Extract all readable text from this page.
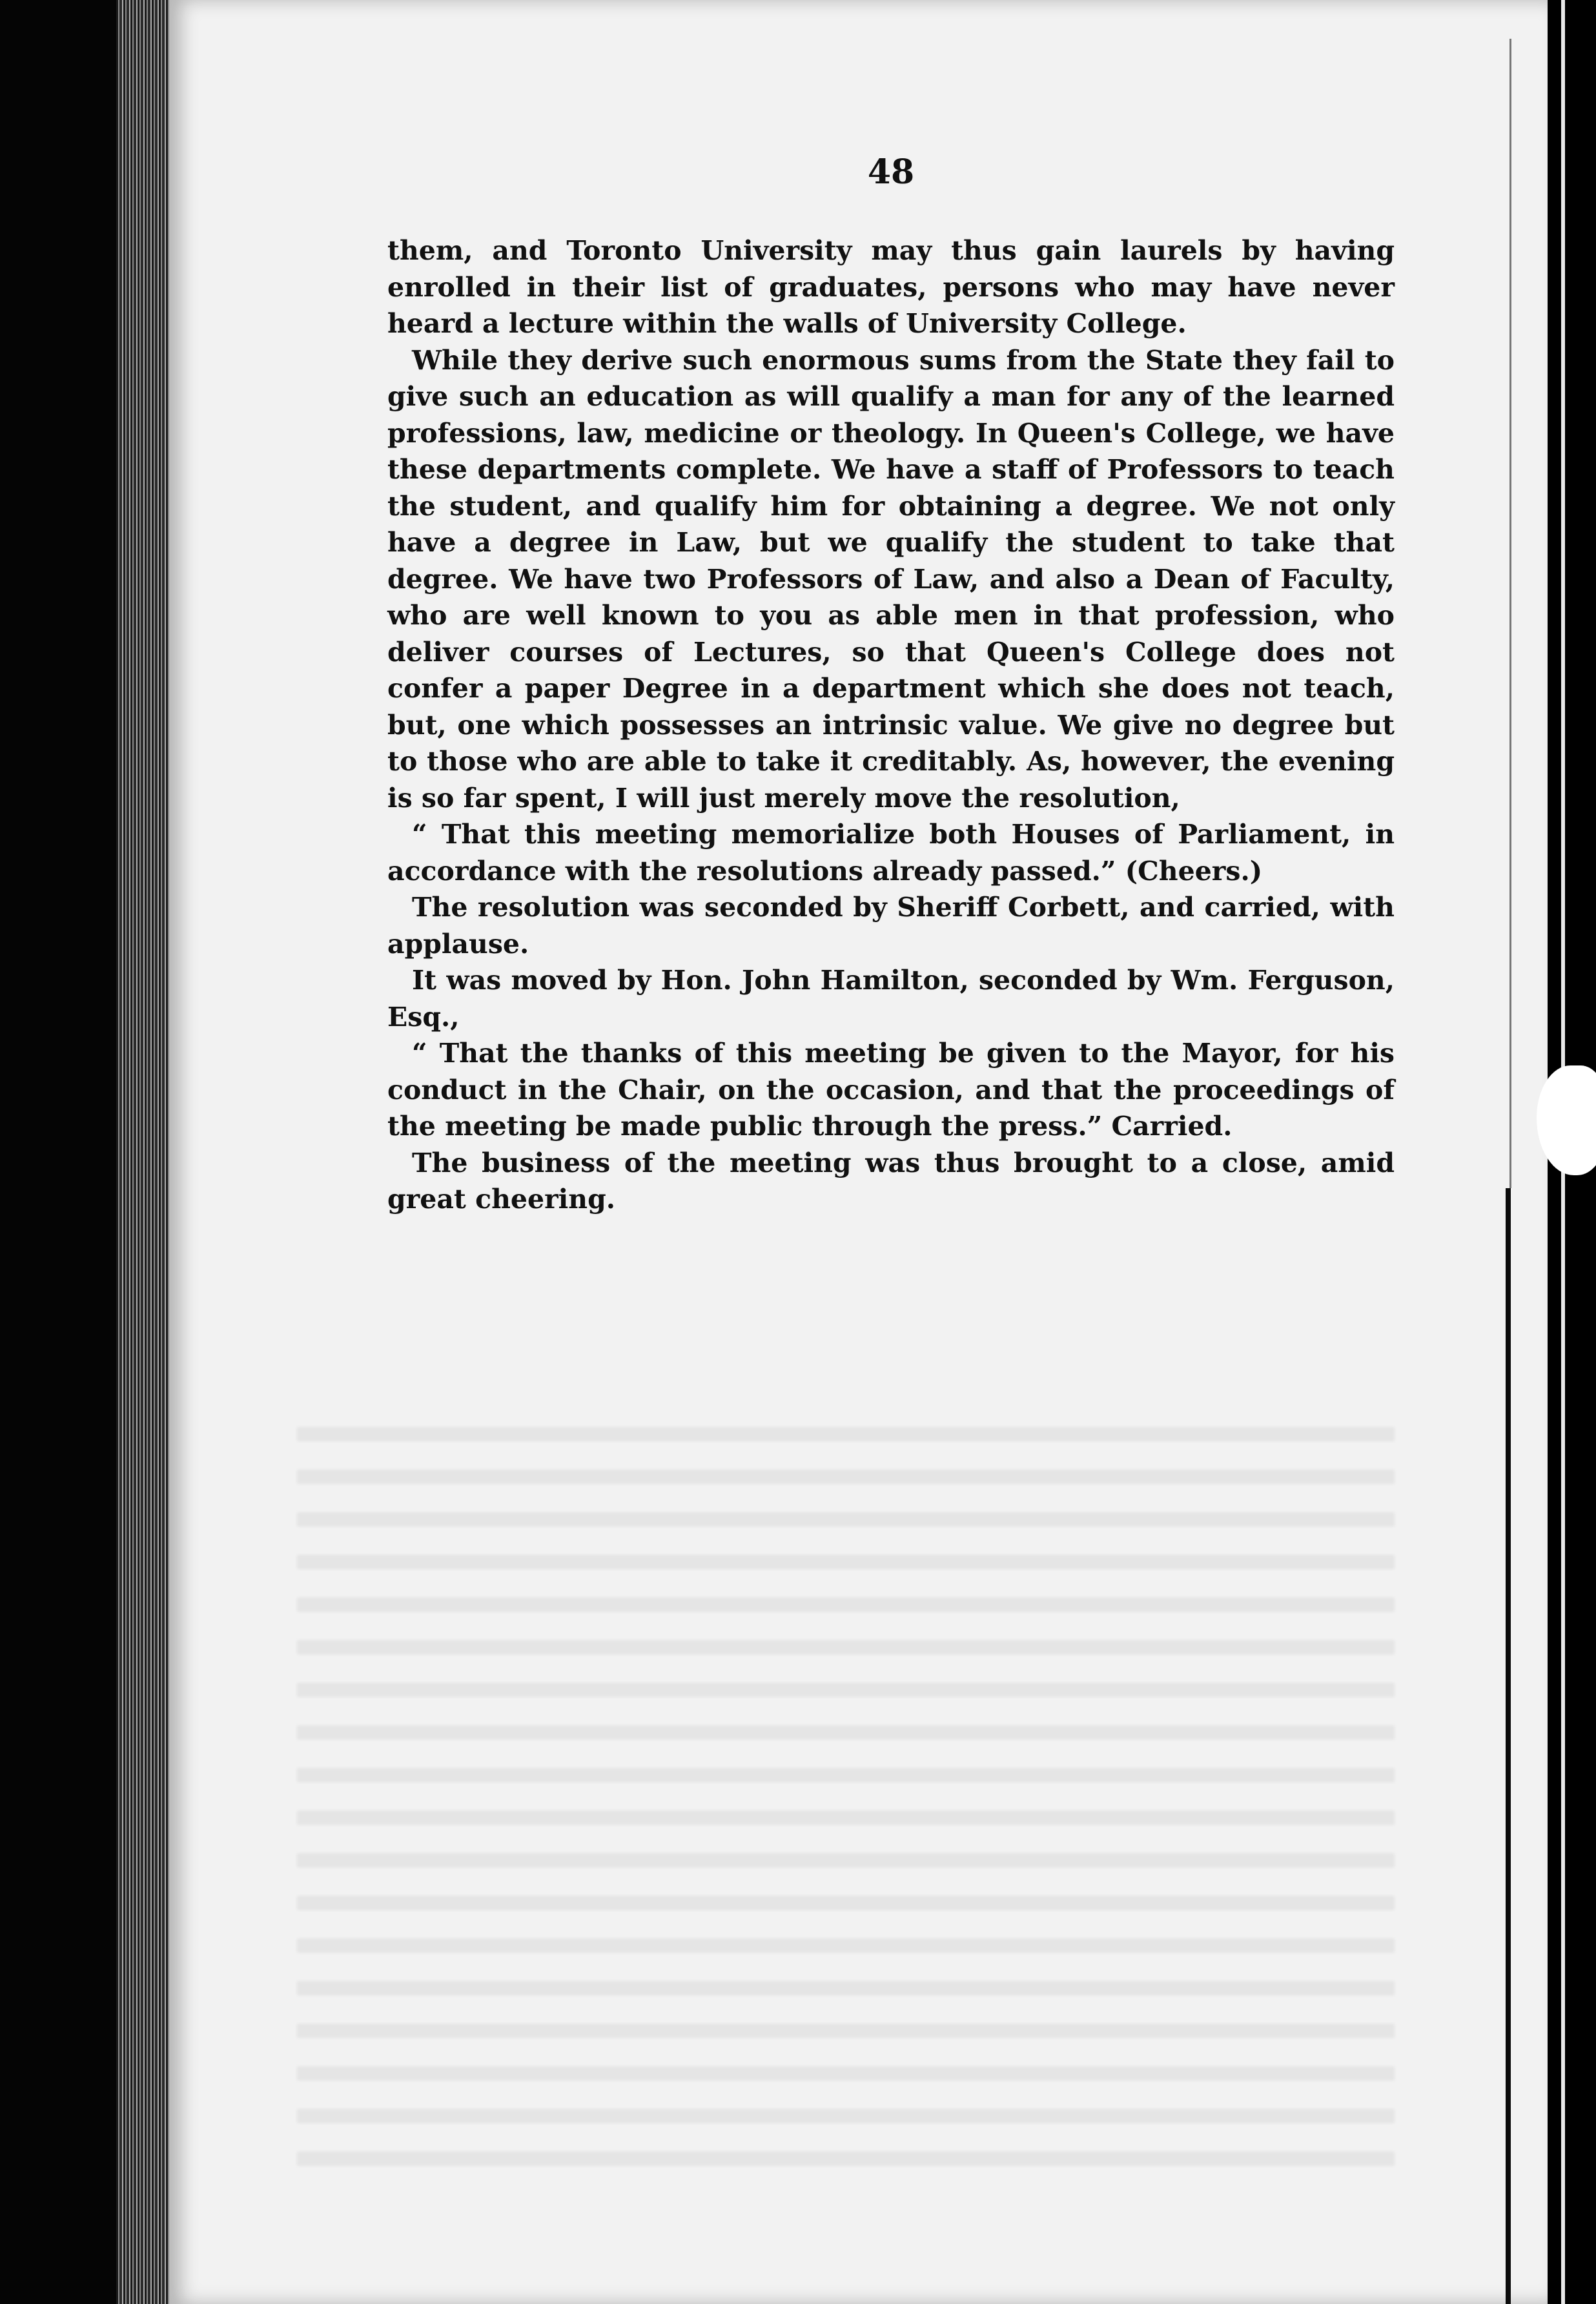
48

them, and Toronto University may thus gain laurels by having enrolled in their list of graduates, persons who may have never heard a lecture within the walls of University College.

While they derive such enormous sums from the State they fail to give such an education as will qualify a man for any of the learned professions, law, medicine or theology. In Queen's College, we have these departments complete. We have a staff of Professors to teach the student, and qualify him for obtaining a degree. We not only have a degree in Law, but we qualify the student to take that degree. We have two Professors of Law, and also a Dean of Faculty, who are well known to you as able men in that profession, who deliver courses of Lectures, so that Queen's College does not confer a paper Degree in a department which she does not teach, but, one which possesses an intrinsic value. We give no degree but to those who are able to take it creditably. As, however, the evening is so far spent, I will just merely move the resolution,

“ That this meeting memorialize both Houses of Parliament, in accordance with the resolutions already passed.” (Cheers.)

The resolution was seconded by Sheriff Corbett, and carried, with applause.

It was moved by Hon. John Hamilton, seconded by Wm. Ferguson, Esq.,

“ That the thanks of this meeting be given to the Mayor, for his conduct in the Chair, on the occasion, and that the proceedings of the meeting be made public through the press.” Carried.

The business of the meeting was thus brought to a close, amid great cheering.
